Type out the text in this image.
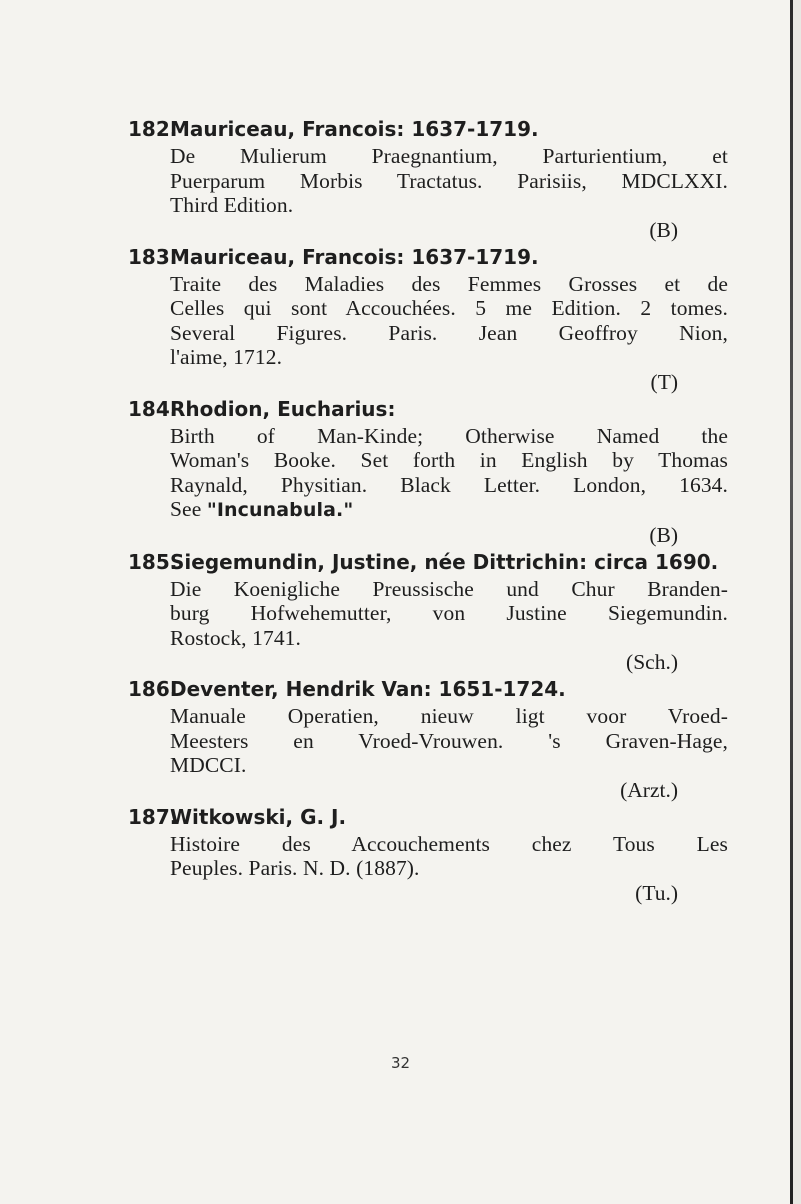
182.Mauriceau, Francois: 1637-1719.
De Mulierum Praegnantium, Parturientium, et
Puerparum Morbis Tractatus. Parisiis, MDCLXXI.
Third Edition.
(B)
183.Mauriceau, Francois: 1637-1719.
Traite des Maladies des Femmes Grosses et de
Celles qui sont Accouchées. 5 me Edition. 2 tomes.
Several Figures. Paris. Jean Geoffroy Nion,
l'aime, 1712.
(T)
184.Rhodion, Eucharius:
Birth of Man-Kinde; Otherwise Named the
Woman's Booke. Set forth in English by Thomas
Raynald, Physitian. Black Letter. London, 1634.
See "Incunabula."
(B)
185.Siegemundin, Justine, née Dittrichin: circa 1690.
Die Koenigliche Preussische und Chur Branden-
burg Hofwehemutter, von Justine Siegemundin.
Rostock, 1741.
(Sch.)
186.Deventer, Hendrik Van: 1651-1724.
Manuale Operatien, nieuw ligt voor Vroed-
Meesters en Vroed-Vrouwen. 's Graven-Hage,
MDCCI.
(Arzt.)
187.Witkowski, G. J.
Histoire des Accouchements chez Tous Les
Peuples. Paris. N. D. (1887).
(Tu.)
32
